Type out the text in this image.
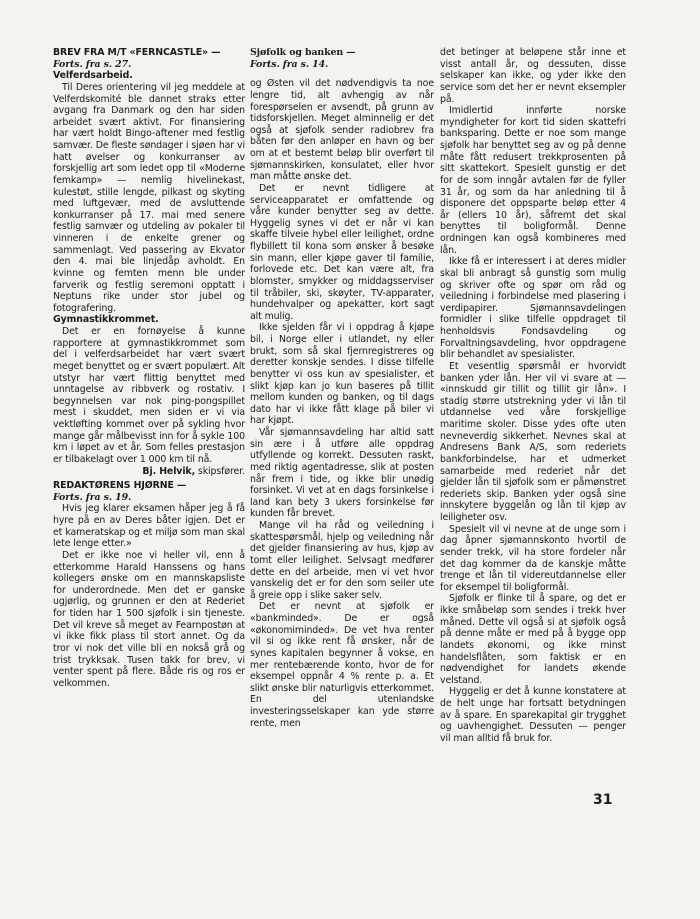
BREV FRA M/T «FERNCASTLE» —

Forts. fra s. 27.

Velferdsarbeid.

Til Deres orientering vil jeg meddele at Velferdskomité ble dannet straks etter avgang fra Danmark og den har siden arbeidet svært aktivt. For finansiering har vært holdt Bingo-aftener med festlig samvær. De fleste søndager i sjøen har vi hatt øvelser og konkurranser av forskjellig art som ledet opp til «Moderne femkamp» — nemlig hivelinekast, kulestøt, stille lengde, pilkast og skyting med luftgevær, med de avsluttende konkurranser på 17. mai med senere festlig samvær og utdeling av pokaler til vinneren i de enkelte grener og sammenlagt. Ved passering av Ekvator den 4. mai ble linjedåp avholdt. En kvinne og femten menn ble under farverik og festlig seremoni opptatt i Neptuns rike under stor jubel og fotografering.

Gymnastikkrommet.

Det er en fornøyelse å kunne rapportere at gymnastikkrommet som del i velferdsarbeidet har vært svært meget benyttet og er svært populært. Alt utstyr har vært flittig benyttet med unntagelse av ribbverk og rostativ. I begynnelsen var nok ping-pongspillet mest i skuddet, men siden er vi via vektløfting kommet over på sykling hvor mange går målbevisst inn for å sykle 100 km i løpet av et år. Som felles prestasjon er tilbakelagt over 1 000 km til nå.

Bj. Helvik, skipsfører.

REDAKTØRENS HJØRNE —

Forts. fra s. 19.

Hvis jeg klarer eksamen håper jeg å få hyre på en av Deres båter igjen. Det er et kameratskap og et miljø som man skal lete lenge etter.»

Det er ikke noe vi heller vil, enn å etterkomme Harald Hanssens og hans kollegers ønske om en mannskapsliste for underordnede. Men det er ganske ugjørlig, og grunnen er den at Rederiet for tiden har 1 500 sjøfolk i sin tjeneste. Det vil kreve så meget av Fearnpostøn at vi ikke fikk plass til stort annet. Og da tror vi nok det ville bli en nokså grå og trist trykksak. Tusen takk for brev, vi venter spent på flere. Både ris og ros er velkommen.

Sjøfolk og banken —

Forts. fra s. 14.

og Østen vil det nødvendigvis ta noe lengre tid, alt avhengig av når forespørselen er avsendt, på grunn av tidsforskjellen. Meget alminnelig er det også at sjøfolk sender radiobrev fra båten før den anløper en havn og ber om at et bestemt beløp blir overført til sjømannskirken, konsulatet, eller hvor man måtte ønske det.

Det er nevnt tidligere at serviceapparatet er omfattende og våre kunder benytter seg av dette. Hyggelig synes vi det er når vi kan skaffe tilveie hybel eller leilighet, ordne flybillett til kona som ønsker å besøke sin mann, eller kjøpe gaver til familie, forlovede etc. Det kan være alt, fra blomster, smykker og middagsserviser til tråbiler, ski, skøyter, TV-apparater, hundehvalper og apekatter, kort sagt alt mulig.

Ikke sjelden får vi i oppdrag å kjøpe bil, i Norge eller i utlandet, ny eller brukt, som så skal fjernregistreres og deretter konskje sendes. I disse tilfelle benytter vi oss kun av spesialister, et slikt kjøp kan jo kun baseres på tillit mellom kunden og banken, og til dags dato har vi ikke fått klage på biler vi har kjøpt.

Vår sjømannsavdeling har altid satt sin ære i å utføre alle oppdrag utfyllende og korrekt. Dessuten raskt, med riktig agentadresse, slik at posten når frem i tide, og ikke blir unødig forsinket. Vi vet at en dags forsinkelse i land kan bety 3 ukers forsinkelse før kunden får brevet.

Mange vil ha råd og veiledning i skattespørsmål, hjelp og veiledning når det gjelder finansiering av hus, kjøp av tomt eller leilighet. Selvsagt medfører dette en del arbeide, men vi vet hvor vanskelig det er for den som seiler ute å greie opp i slike saker selv.

Det er nevnt at sjøfolk er «bankminded». De er også «økonomiminded». De vet hva renter vil si og ikke rent få ønsker, når de synes kapitalen begynner å vokse, en mer rentebærende konto, hvor de for eksempel oppnår 4 % rente p. a. Et slikt ønske blir naturligvis etterkommet. En del utenlandske investeringsselskaper kan yde større rente, men

det betinger at beløpene står inne et visst antall år, og dessuten, disse selskaper kan ikke, og yder ikke den service som det her er nevnt eksempler på.

Imidlertid innførte norske myndigheter for kort tid siden skattefri banksparing. Dette er noe som mange sjøfolk har benyttet seg av og på denne måte fått redusert trekkprosenten på sitt skattekort. Spesielt gunstig er det for de som inngår avtalen før de fyller 31 år, og som da har anledning til å disponere det oppsparte beløp etter 4 år (ellers 10 år), såfremt det skal benyttes til boligformål. Denne ordningen kan også kombineres med lån.

Ikke få er interessert i at deres midler skal bli anbragt så gunstig som mulig og skriver ofte og spør om råd og veiledning i forbindelse med plasering i verdipapirer. Sjømannsavdelingen formidler i slike tilfelle oppdraget til henholdsvis Fondsavdeling og Forvaltningsavdeling, hvor oppdragene blir behandlet av spesialister.

Et vesentlig spørsmål er hvorvidt banken yder lån. Her vil vi svare at — «innskudd gir tillit og tillit gir lån». I stadig større utstrekning yder vi lån til utdannelse ved våre forskjellige maritime skoler. Disse ydes ofte uten nevneverdig sikkerhet. Nevnes skal at Andresens Bank A/S, som rederiets bankforbindelse, har et udmerket samarbeide med rederiet når det gjelder lån til sjøfolk som er påmønstret rederiets skip. Banken yder også sine innskytere byggelån og lån til kjøp av leiligheter osv.

Spesielt vil vi nevne at de unge som i dag åpner sjømannskonto hvortil de sender trekk, vil ha store fordeler når det dag kommer da de kanskje måtte trenge et lån til videreutdannelse eller for eksempel til boligformål.

Sjøfolk er flinke til å spare, og det er ikke småbeløp som sendes i trekk hver måned. Dette vil også si at sjøfolk også på denne måte er med på å bygge opp landets økonomi, og ikke minst handelsflåten, som faktisk er en nødvendighet for landets økende velstand.

Hyggelig er det å kunne konstatere at de helt unge har fortsatt betydningen av å spare. En sparekapital gir trygghet og uavhengighet. Dessuten — penger vil man alltid få bruk for.

31
